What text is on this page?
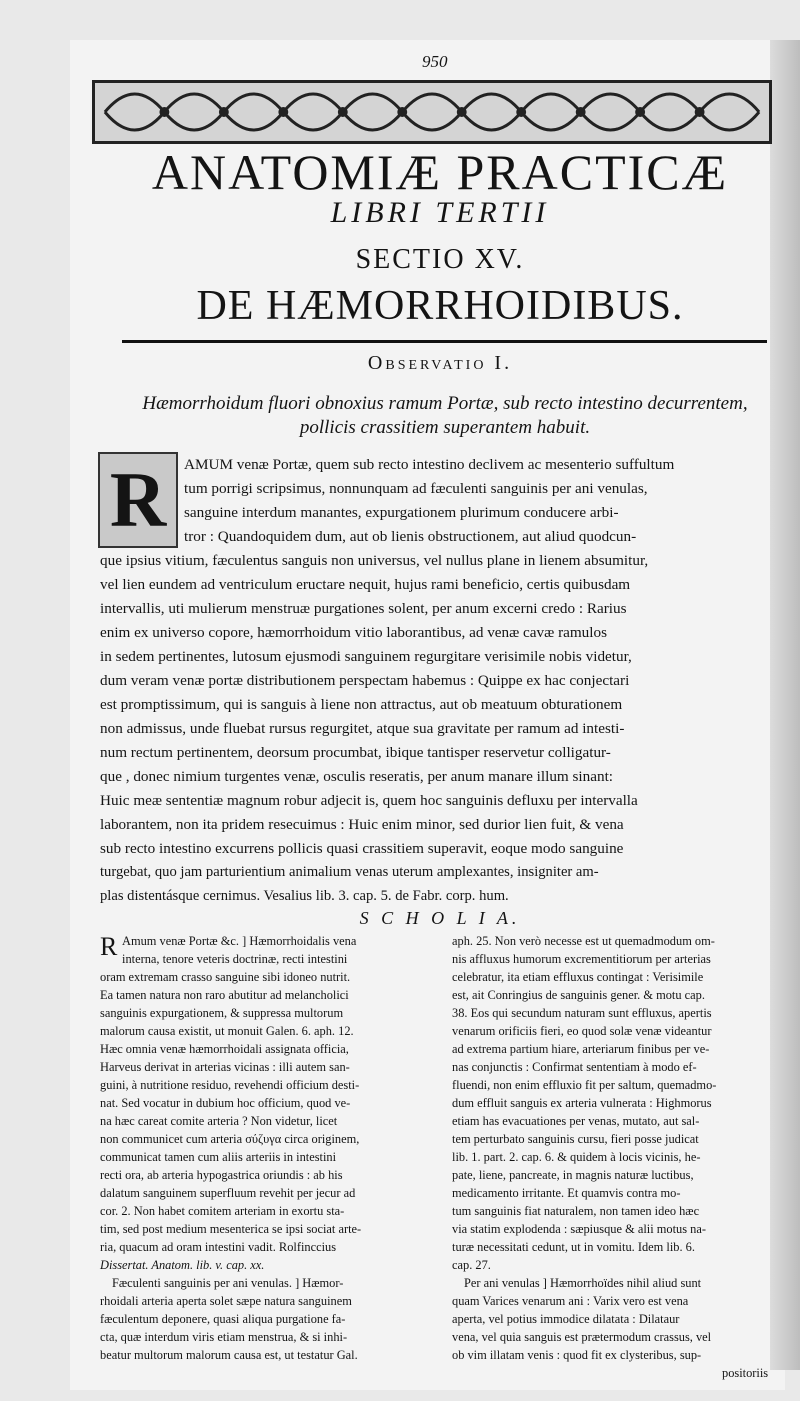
950
ANATOMIÆ PRACTICÆ
LIBRI TERTII
SECTIO XV.
DE HÆMORRHOIDIBUS.
Observatio I.
Hæmorrhoidum fluori obnoxius ramum Portæ, sub recto intestino decurrentem,
pollicis crassitiem superantem habuit.
R	AMUM venæ Portæ, quem sub recto intestino declivem ac mesenterio suffultum
tum porrigi scripsimus, nonnunquam ad fæculenti sanguinis per ani venulas,
sanguine interdum manantes, expurgationem plurimum conducere arbi-
tror : Quandoquidem dum, aut ob lienis obstructionem, aut aliud quodcun-
que ipsius vitium, fæculentus sanguis non universus, vel nullus plane in lienem absumitur,
vel lien eundem ad ventriculum eructare nequit, hujus rami beneficio, certis quibusdam
intervallis, uti mulierum menstruæ purgationes solent, per anum excerni credo : Rarius
enim ex universo copore, hæmorrhoidum vitio laborantibus, ad venæ cavæ ramulos
in sedem pertinentes, lutosum ejusmodi sanguinem regurgitare verisimile nobis videtur,
dum veram venæ portæ distributionem perspectam habemus : Quippe ex hac conjectari
est promptissimum, qui is sanguis à liene non attractus, aut ob meatuum obturationem
non admissus, unde fluebat rursus regurgitet, atque sua gravitate per ramum ad intesti-
num rectum pertinentem, deorsum procumbat, ibique tantisper reservetur colligatur-
que , donec nimium turgentes venæ, osculis reseratis, per anum manare illum sinant:
Huic meæ sententiæ magnum robur adjecit is, quem hoc sanguinis defluxu per intervalla
laborantem, non ita pridem resecuimus : Huic enim minor, sed durior lien fuit, & vena
sub recto intestino excurrens pollicis quasi crassitiem superavit, eoque modo sanguine
turgebat, quo jam parturientium animalium venas uterum amplexantes, insigniter am-
plas distentásque cernimus. Vesalius lib. 3. cap. 5. de Fabr. corp. hum.
S C H O L I A.
R Amum venæ Portæ &c. ] Hæmorrhoidalis vena
interna, tenore veteris doctrinæ, recti intestini
oram extremam crasso sanguine sibi idoneo nutrit.
Ea tamen natura non raro abutitur ad melancholici
sanguinis expurgationem, & suppressa multorum
malorum causa existit, ut monuit Galen. 6. aph. 12.
Hæc omnia venæ hæmorrhoidali assignata officia,
Harveus derivat in arterias vicinas : illi autem san-
guini, à nutritione residuo, revehendi officium desti-
nat. Sed vocatur in dubium hoc officium, quod ve-
na hæc careat comite arteria ? Non videtur, licet
non communicet cum arteria σύζυγα circa originem,
communicat tamen cum aliis arteriis in intestini
recti ora, ab arteria hypogastrica oriundis : ab his
dalatum sanguinem superfluum revehit per jecur ad
cor. 2. Non habet comitem arteriam in exortu sta-
tim, sed post medium mesenterica se ipsi sociat arte-
ria, quacum ad oram intestini vadit. Rolfinccius
Dissertat. Anatom. lib. v. cap. xx.
Fæculenti sanguinis per ani venulas. ] Hæmor-
rhoidali arteria aperta solet sæpe natura sanguinem
fæculentum deponere, quasi aliqua purgatione fa-
cta, quæ interdum viris etiam menstrua, & si inhi-
beatur multorum malorum causa est, ut testatur Gal.
aph. 25. Non verò necesse est ut quemadmodum om-
nis affluxus humorum excrementitiorum per arterias
celebratur, ita etiam effluxus contingat : Verisimile
est, ait Conringius de sanguinis gener. & motu cap.
38. Eos qui secundum naturam sunt effluxus, apertis
venarum orificiis fieri, eo quod solæ venæ videantur
ad extrema partium hiare, arteriarum finibus per ve-
nas conjunctis : Confirmat sententiam à modo ef-
fluendi, non enim effluxio fit per saltum, quemadmo-
dum effluit sanguis ex arteria vulnerata : Highmorus
etiam has evacuationes per venas, mutato, aut sal-
tem perturbato sanguinis cursu, fieri posse judicat
lib. 1. part. 2. cap. 6. & quidem à locis vicinis, he-
pate, liene, pancreate, in magnis naturæ luctibus,
medicamento irritante. Et quamvis contra mo-
tum sanguinis fiat naturalem, non tamen ideo hæc
via statim explodenda : sæpiusque & alii motus na-
turæ necessitati cedunt, ut in vomitu. Idem lib. 6.
cap. 27.
Per ani venulas ] Hæmorrhoïdes nihil aliud sunt
quam Varices venarum ani : Varix vero est vena
aperta, vel potius immodice dilatata : Dilataur
vena, vel quia sanguis est prætermodum crassus, vel
ob vim illatam venis : quod fit ex clysteribus, sup-
positoriis
